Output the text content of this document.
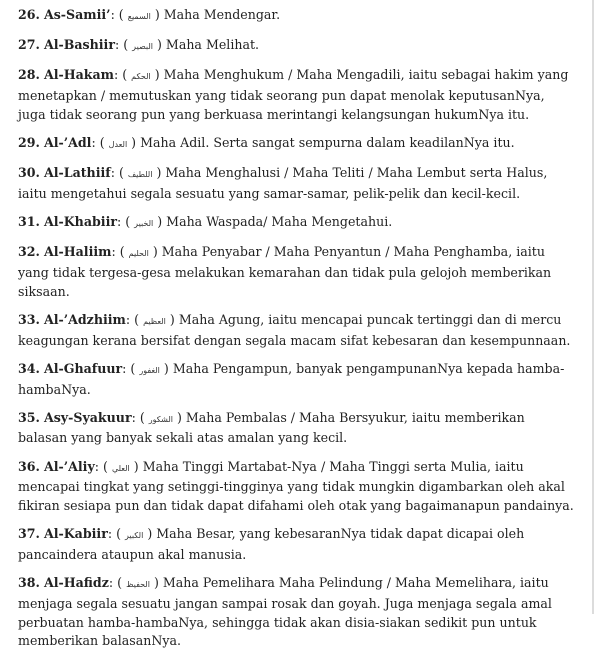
26. As-Samii’: ( السميع ) Maha Mendengar.

27. Al-Bashiir: ( البصير ) Maha Melihat.

28. Al-Hakam: ( الحكم ) Maha Menghukum / Maha Mengadili, iaitu sebagai hakim yang menetapkan / memutuskan yang tidak seorang pun dapat menolak keputusanNya, juga tidak seorang pun yang berkuasa merintangi kelangsungan hukumNya itu.

29. Al-’Adl: ( العدل ) Maha Adil. Serta sangat sempurna dalam keadilanNya itu.

30. Al-Lathiif: ( اللطيف ) Maha Menghalusi / Maha Teliti / Maha Lembut serta Halus, iaitu mengetahui segala sesuatu yang samar-samar, pelik-pelik dan kecil-kecil.

31. Al-Khabiir: ( الخبير ) Maha Waspada/ Maha Mengetahui.

32. Al-Haliim: ( الحليم ) Maha Penyabar / Maha Penyantun / Maha Penghamba, iaitu yang tidak tergesa-gesa melakukan kemarahan dan tidak pula gelojoh memberikan siksaan.

33. Al-’Adzhiim: ( العظيم ) Maha Agung, iaitu mencapai puncak tertinggi dan di mercu keagungan kerana bersifat dengan segala macam sifat kebesaran dan kesempunnaan.

34. Al-Ghafuur: ( الغفور ) Maha Pengampun, banyak pengampunanNya kepada hamba-hambaNya.

35. Asy-Syakuur: ( الشكور ) Maha Pembalas / Maha Bersyukur, iaitu memberikan balasan yang banyak sekali atas amalan yang kecil.

36. Al-’Aliy: ( العلي ) Maha Tinggi Martabat-Nya / Maha Tinggi serta Mulia, iaitu mencapai tingkat yang setinggi-tingginya yang tidak mungkin digambarkan oleh akal fikiran sesiapa pun dan tidak dapat difahami oleh otak yang bagaimanapun pandainya.

37. Al-Kabiir: ( الكبير ) Maha Besar, yang kebesaranNya tidak dapat dicapai oleh pancaindera ataupun akal manusia.

38. Al-Hafidz: ( الحفيظ ) Maha Pemelihara Maha Pelindung / Maha Memelihara, iaitu menjaga segala sesuatu jangan sampai rosak dan goyah. Juga menjaga segala amal perbuatan hamba-hambaNya, sehingga tidak akan disia-siakan sedikit pun untuk memberikan balasanNya.
